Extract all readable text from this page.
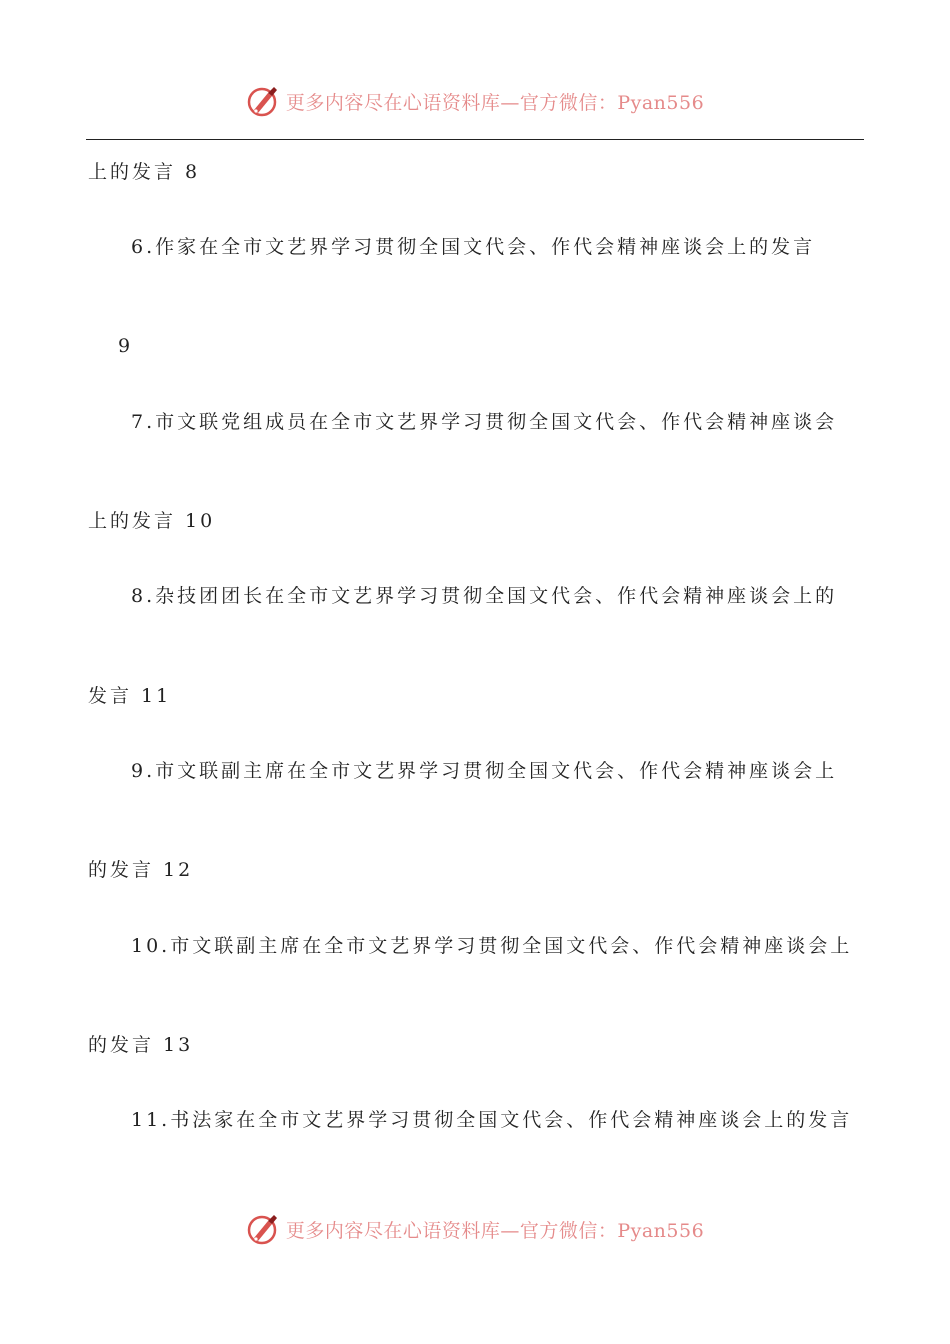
更多内容尽在心语资料库—官方微信：Pyan556
上的发言 8
6.作家在全市文艺界学习贯彻全国文代会、作代会精神座谈会上的发言
9
7.市文联党组成员在全市文艺界学习贯彻全国文代会、作代会精神座谈会
上的发言 10
8.杂技团团长在全市文艺界学习贯彻全国文代会、作代会精神座谈会上的
发言 11
9.市文联副主席在全市文艺界学习贯彻全国文代会、作代会精神座谈会上
的发言 12
10.市文联副主席在全市文艺界学习贯彻全国文代会、作代会精神座谈会上
的发言 13
11.书法家在全市文艺界学习贯彻全国文代会、作代会精神座谈会上的发言
更多内容尽在心语资料库—官方微信：Pyan556
